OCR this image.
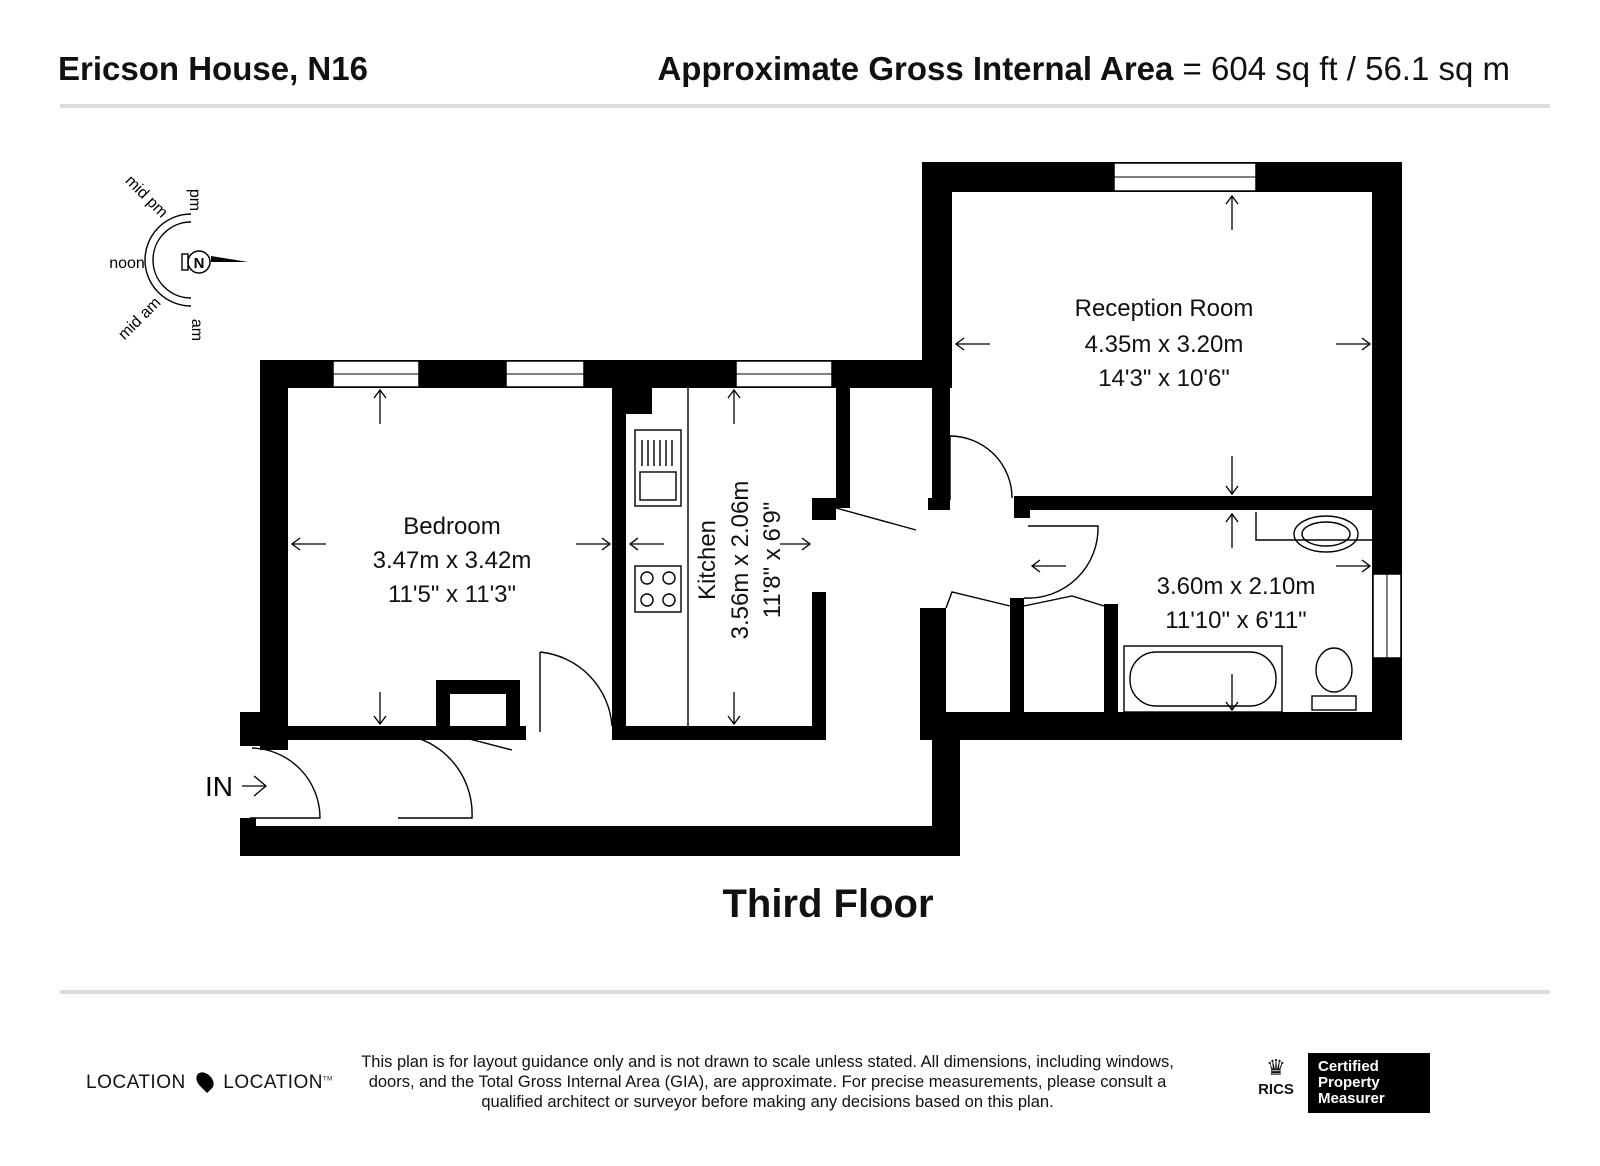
Ericson House, N16	Approximate Gross Internal Area = 604 sq ft / 56.1 sq m
N
pm
mid pm
noon
mid am am
Reception Room
4.35m x 3.20m
14'3" x 10'6"
Bedroom
3.47m x 3.42m
11'5" x 11'3"	Kitchen 3.56m x 2.06m 11'8" x 6'9"	3.60m x 2.10m
11'10" x 6'11"
IN
Third Floor
LOCATION LOCATION™
This plan is for layout guidance only and is not drawn to scale unless stated. All dimensions, including windows, doors, and the Total Gross Internal Area (GIA), are approximate. For precise measurements, please consult a qualified architect or surveyor before making any decisions based on this plan.
♛
RICS
Certified
Property
Measurer
